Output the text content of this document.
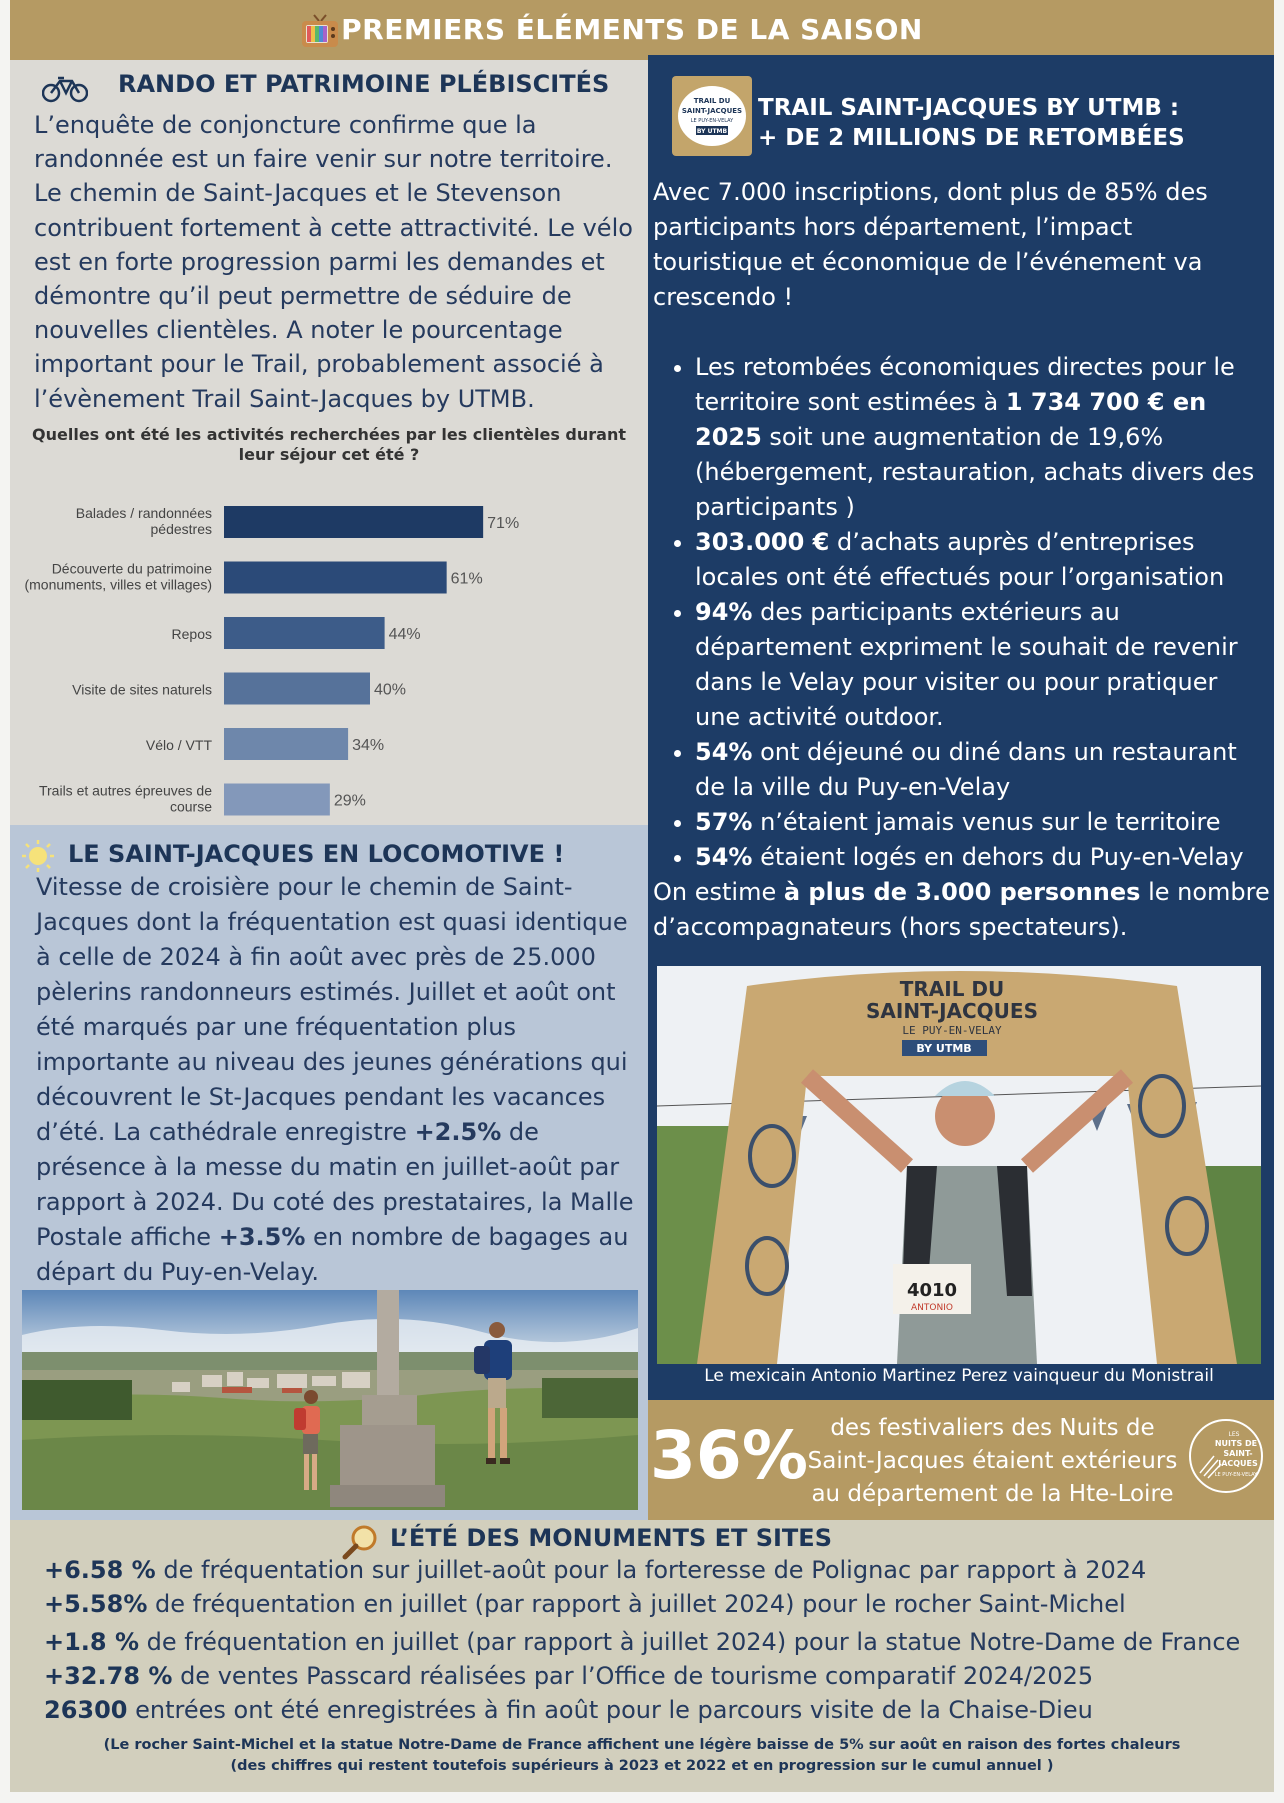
PREMIERS ÉLÉMENTS DE LA SAISON
RANDO ET PATRIMOINE PLÉBISCITÉS
L’enquête de conjoncture confirme que la randonnée est un faire venir sur notre territoire. Le chemin de Saint-Jacques et le Stevenson contribuent fortement à cette attractivité. Le vélo est en forte progression parmi les demandes et démontre qu’il peut permettre de séduire de nouvelles clientèles. A noter le pourcentage important pour le Trail, probablement associé à l’évènement Trail Saint-Jacques by UTMB.
Quelles ont été les activités recherchées par les clientèles durant leur séjour cet été ?
71%
Balades / randonnées
pédestres
61%
Découverte du patrimoine
(monuments, villes et villages)
44%
Repos
40%
Visite de sites naturels
34%
Vélo / VTT
29%
Trails et autres épreuves de
course
LE SAINT-JACQUES EN LOCOMOTIVE !
Vitesse de croisière pour le chemin de Saint-Jacques dont la fréquentation est quasi identique à celle de 2024 à fin août avec près de 25.000 pèlerins randonneurs estimés. Juillet et août ont été marqués par une fréquentation plus importante au niveau des jeunes générations qui découvrent le St-Jacques pendant les vacances d’été. La cathédrale enregistre +2.5% de présence à la messe du matin en juillet-août par rapport à 2024. Du coté des prestataires, la Malle Postale affiche +3.5% en nombre de bagages au départ du Puy-en-Velay.
TRAIL DU
SAINT-JACQUES
LE PUY-EN-VELAY
BY UTMB
TRAIL SAINT-JACQUES BY UTMB :
+ DE 2 MILLIONS DE RETOMBÉES
Avec 7.000 inscriptions, dont plus de 85% des participants hors département, l’impact touristique et économique de l’événement va crescendo !
• Les retombées économiques directes pour le territoire sont estimées à 1 734 700 € en 2025 soit une augmentation de 19,6% (hébergement, restauration, achats divers des participants )
• 303.000 € d’achats auprès d’entreprises locales ont été effectués pour l’organisation
• 94% des participants extérieurs au département expriment le souhait de revenir dans le Velay pour visiter ou pour pratiquer une activité outdoor.
• 54% ont déjeuné ou diné dans un restaurant de la ville du Puy-en-Velay
• 57% n’étaient jamais venus sur le territoire
• 54% étaient logés en dehors du Puy-en-Velay
On estime à plus de 3.000 personnes le nombre d’accompagnateurs (hors spectateurs).
TRAIL DU
SAINT-JACQUES
LE PUY-EN-VELAY
BY UTMB
4010
ANTONIO
Le mexicain Antonio Martinez Perez vainqueur du Monistrail
36% des festivaliers des Nuits de Saint-Jacques étaient extérieurs au département de la Hte-Loire
LES
NUITS DE
SAINT-
JACQUES
LE PUY-EN-VELAY
L’ÉTÉ DES MONUMENTS ET SITES
+6.58 % de fréquentation sur juillet-août pour la forteresse de Polignac par rapport à 2024
+5.58% de fréquentation en juillet (par rapport à juillet 2024) pour le rocher Saint-Michel
+1.8 % de fréquentation en juillet (par rapport à juillet 2024) pour la statue Notre-Dame de France
+32.78 % de ventes Passcard réalisées par l’Office de tourisme comparatif 2024/2025
26300 entrées ont été enregistrées à fin août pour le parcours visite de la Chaise-Dieu
(Le rocher Saint-Michel et la statue Notre-Dame de France affichent une légère baisse de 5% sur août en raison des fortes chaleurs
(des chiffres qui restent toutefois supérieurs à 2023 et 2022 et en progression sur le cumul annuel )
